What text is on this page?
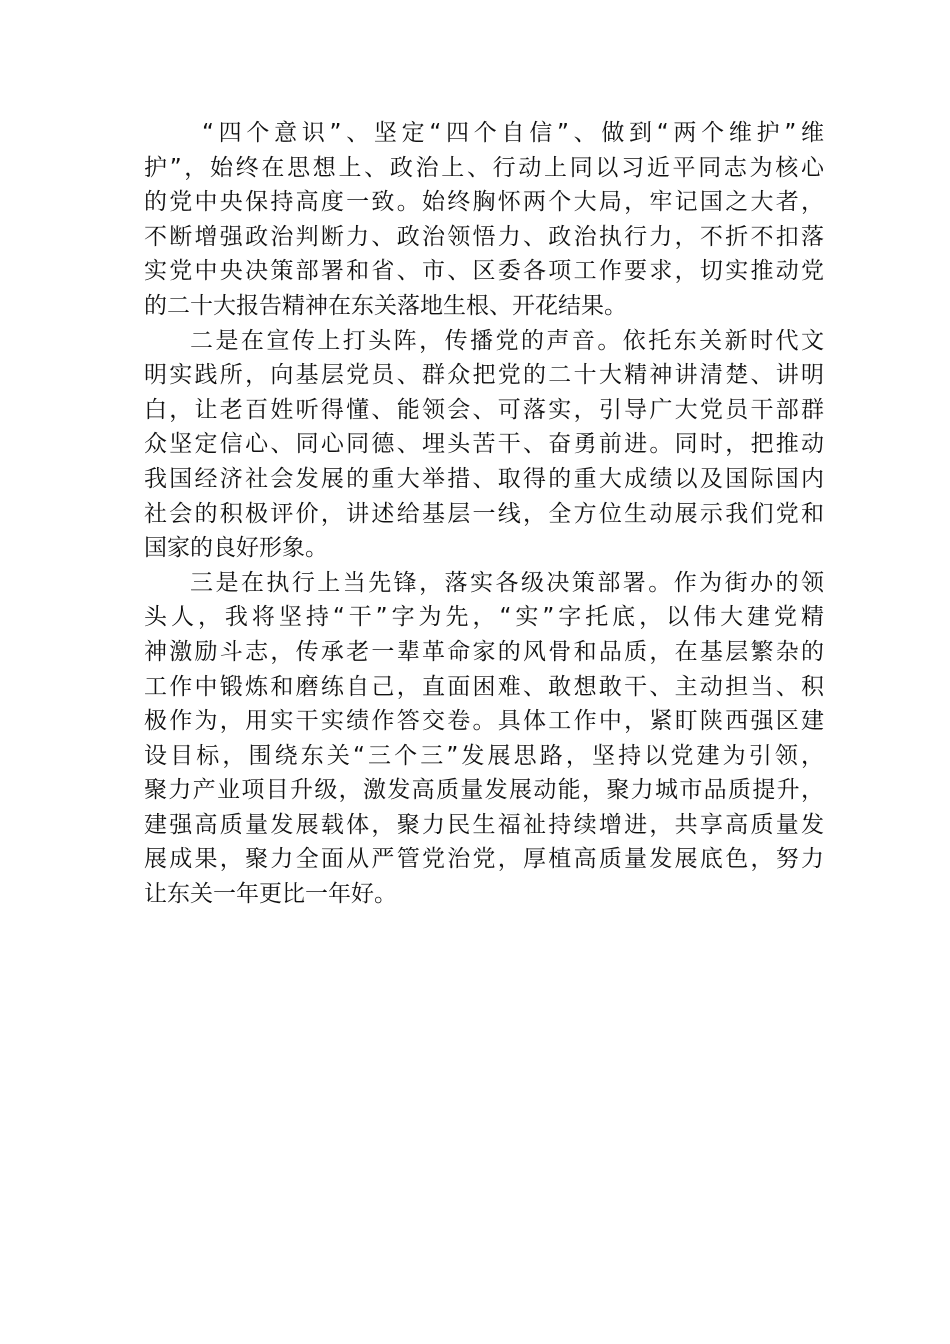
“四个意识”、坚定“四个自信”、做到“两个维护”维
护”，始终在思想上、政治上、行动上同以习近平同志为核心
的党中央保持高度一致。始终胸怀两个大局，牢记国之大者，
不断增强政治判断力、政治领悟力、政治执行力，不折不扣落
实党中央决策部署和省、市、区委各项工作要求，切实推动党
的二十大报告精神在东关落地生根、开花结果。
二是在宣传上打头阵，传播党的声音。依托东关新时代文
明实践所，向基层党员、群众把党的二十大精神讲清楚、讲明
白，让老百姓听得懂、能领会、可落实，引导广大党员干部群
众坚定信心、同心同德、埋头苦干、奋勇前进。同时，把推动
我国经济社会发展的重大举措、取得的重大成绩以及国际国内
社会的积极评价，讲述给基层一线，全方位生动展示我们党和
国家的良好形象。
三是在执行上当先锋，落实各级决策部署。作为街办的领
头人，我将坚持“干”字为先，“实”字托底，以伟大建党精
神激励斗志，传承老一辈革命家的风骨和品质，在基层繁杂的
工作中锻炼和磨练自己，直面困难、敢想敢干、主动担当、积
极作为，用实干实绩作答交卷。具体工作中，紧盯陕西强区建
设目标，围绕东关“三个三”发展思路，坚持以党建为引领，
聚力产业项目升级，激发高质量发展动能，聚力城市品质提升，
建强高质量发展载体，聚力民生福祉持续增进，共享高质量发
展成果，聚力全面从严管党治党，厚植高质量发展底色，努力
让东关一年更比一年好。
